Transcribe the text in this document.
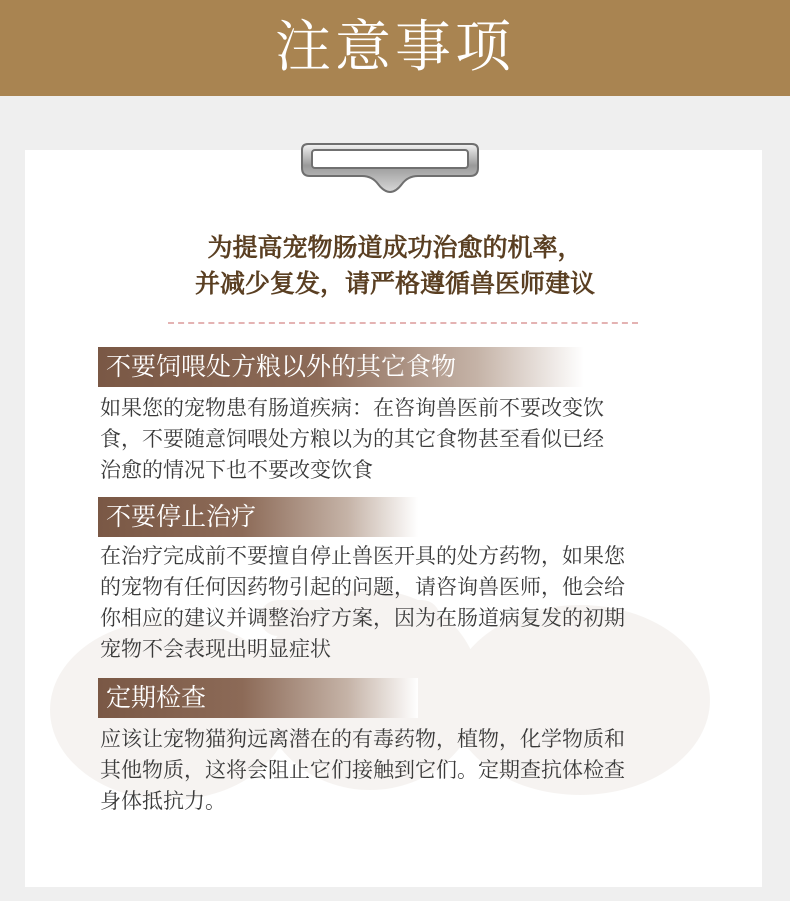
注意事项
为提高宠物肠道成功治愈的机率，
并减少复发，请严格遵循兽医师建议
不要饲喂处方粮以外的其它食物
如果您的宠物患有肠道疾病：在咨询兽医前不要改变饮
食，不要随意饲喂处方粮以为的其它食物甚至看似已经
治愈的情况下也不要改变饮食
不要停止治疗
在治疗完成前不要擅自停止兽医开具的处方药物，如果您
的宠物有任何因药物引起的问题，请咨询兽医师，他会给
你相应的建议并调整治疗方案，因为在肠道病复发的初期
宠物不会表现出明显症状
定期检查
应该让宠物猫狗远离潜在的有毒药物，植物，化学物质和
其他物质，这将会阻止它们接触到它们。定期查抗体检查
身体抵抗力。
